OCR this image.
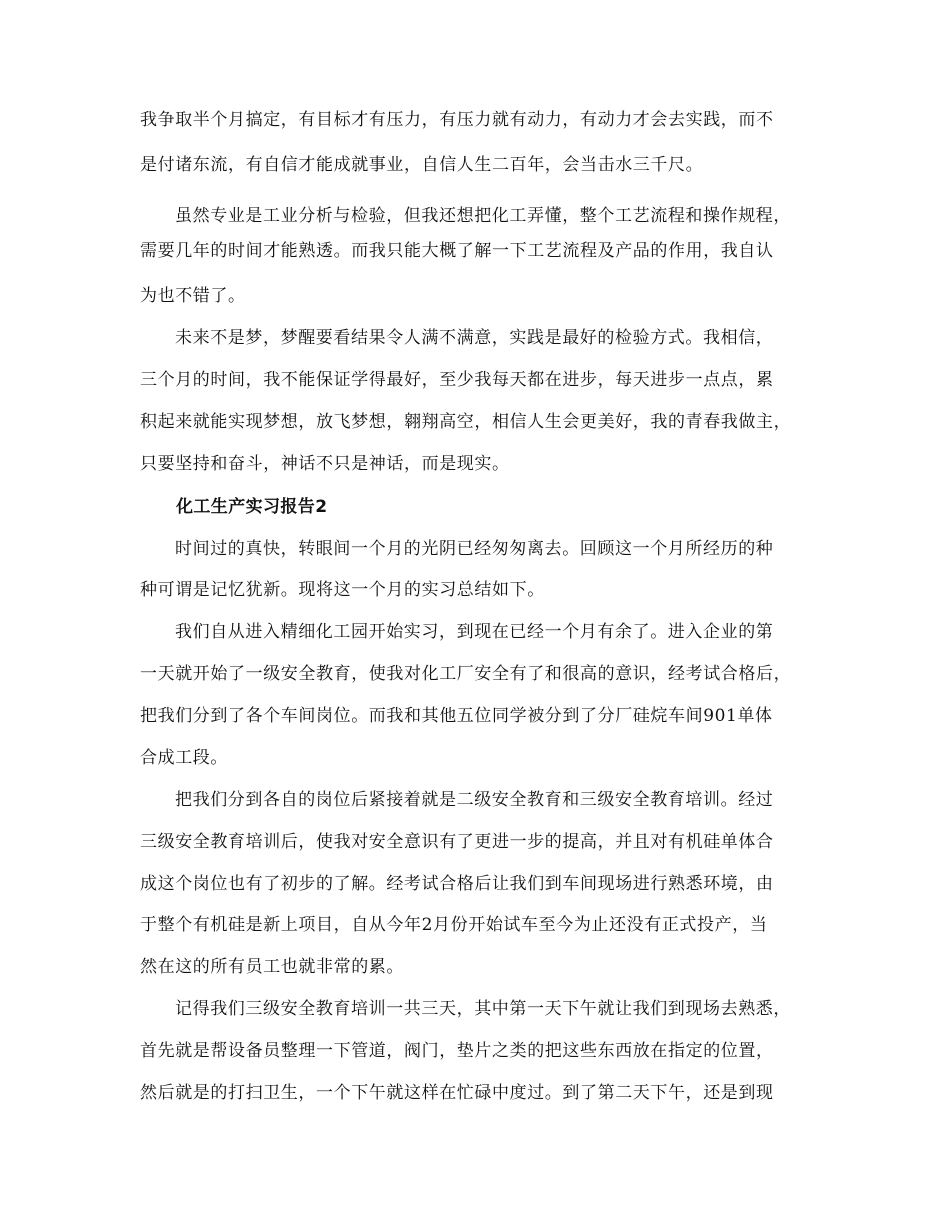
我争取半个月搞定，有目标才有压力，有压力就有动力，有动力才会去实践，而不
是付诸东流，有自信才能成就事业，自信人生二百年，会当击水三千尺。
虽然专业是工业分析与检验，但我还想把化工弄懂，整个工艺流程和操作规程，
需要几年的时间才能熟透。而我只能大概了解一下工艺流程及产品的作用，我自认
为也不错了。
未来不是梦，梦醒要看结果令人满不满意，实践是最好的检验方式。我相信，
三个月的时间，我不能保证学得最好，至少我每天都在进步，每天进步一点点，累
积起来就能实现梦想，放飞梦想，翱翔高空，相信人生会更美好，我的青春我做主，
只要坚持和奋斗，神话不只是神话，而是现实。
化工生产实习报告2
时间过的真快，转眼间一个月的光阴已经匆匆离去。回顾这一个月所经历的种
种可谓是记忆犹新。现将这一个月的实习总结如下。
我们自从进入精细化工园开始实习，到现在已经一个月有余了。进入企业的第
一天就开始了一级安全教育，使我对化工厂安全有了和很高的意识，经考试合格后，
把我们分到了各个车间岗位。而我和其他五位同学被分到了分厂硅烷车间901单体
合成工段。
把我们分到各自的岗位后紧接着就是二级安全教育和三级安全教育培训。经过
三级安全教育培训后，使我对安全意识有了更进一步的提高，并且对有机硅单体合
成这个岗位也有了初步的了解。经考试合格后让我们到车间现场进行熟悉环境，由
于整个有机硅是新上项目，自从今年2月份开始试车至今为止还没有正式投产，当
然在这的所有员工也就非常的累。
记得我们三级安全教育培训一共三天，其中第一天下午就让我们到现场去熟悉，
首先就是帮设备员整理一下管道，阀门，垫片之类的把这些东西放在指定的位置，
然后就是的打扫卫生，一个下午就这样在忙碌中度过。到了第二天下午，还是到现
